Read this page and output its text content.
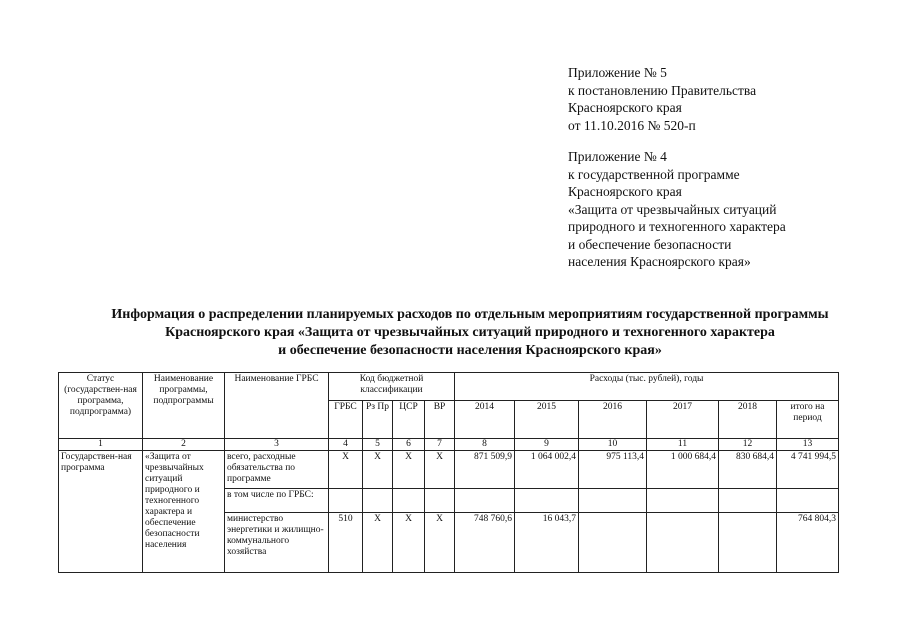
Приложение № 5
к постановлению Правительства
Красноярского края
от 11.10.2016 № 520-п
Приложение № 4
к государственной программе
Красноярского края
«Защита от чрезвычайных ситуаций
природного и техногенного характера
и обеспечение безопасности
населения Красноярского края»
Информация о распределении планируемых расходов по отдельным мероприятиям государственной программы
Красноярского края «Защита от чрезвычайных ситуаций природного и техногенного характера
и обеспечение безопасности населения Красноярского края»
Статус (государствен-ная программа, подпрограмма)	Наименование программы, подпрограммы	Наименование ГРБС	Код бюджетной классификации				Расходы (тыс. рублей), годы					
			ГРБС	Рз Пр	ЦСР	ВР	2014	2015	2016	2017	2018	итого на период
1	2	3	4	5	6	7	8	9	10	11	12	13
Государствен-ная программа	«Защита от чрезвычайных ситуаций природного и техногенного характера и обеспечение безопасности населения	всего, расходные обязательства по программе	Х	Х	Х	Х	871 509,9	1 064 002,4	975 113,4	1 000 684,4	830 684,4	4 741 994,5
		в том числе по ГРБС:										
		министерство энергетики и жилищно-коммунального хозяйства	510	Х	Х	Х	748 760,6	16 043,7				764 804,3
